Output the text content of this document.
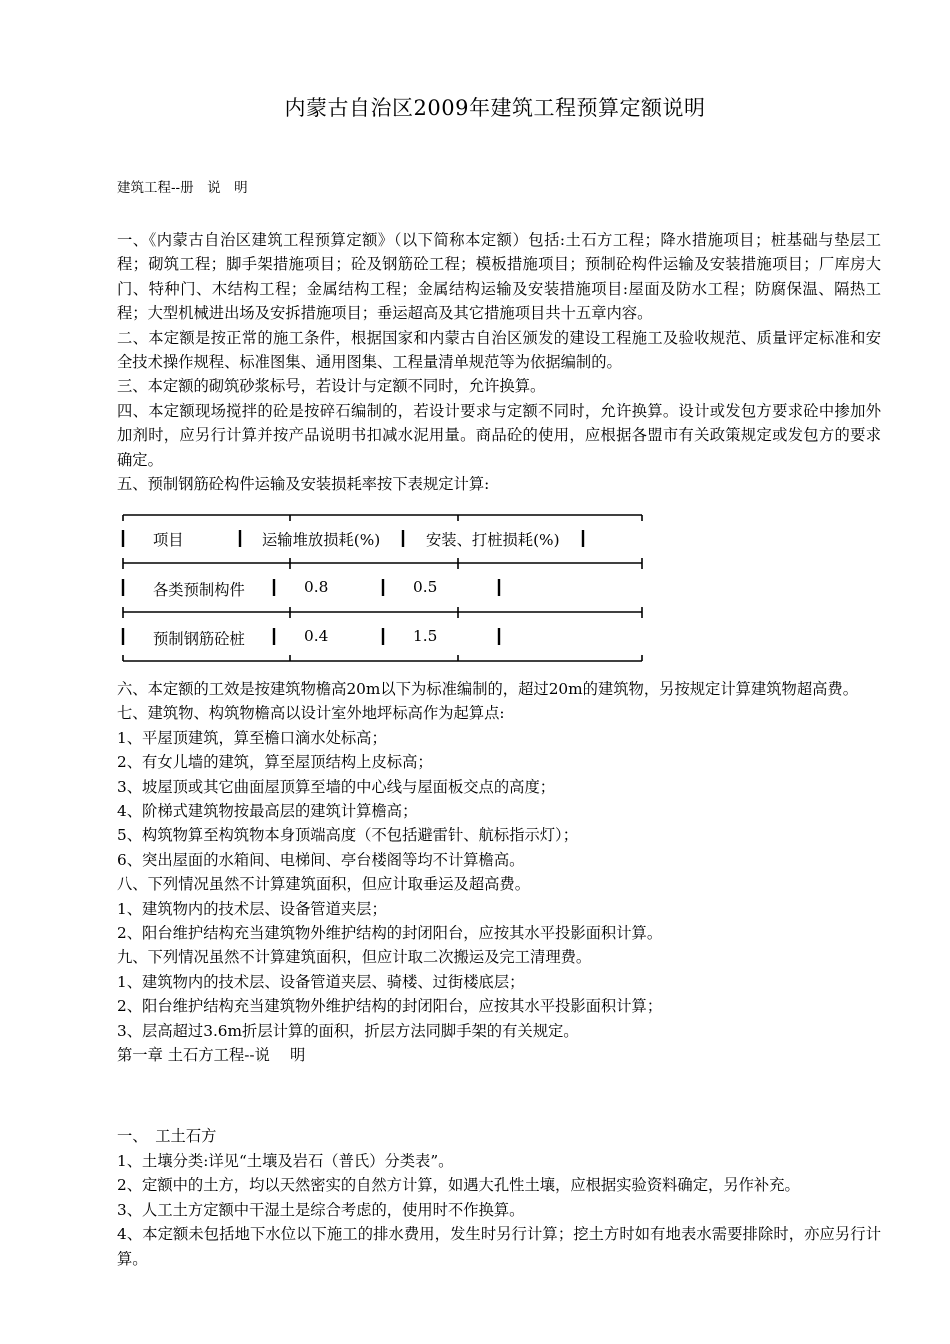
内蒙古自治区2009年建筑工程预算定额说明
建筑工程--册　说　明

一、《内蒙古自治区建筑工程预算定额》（以下简称本定额）包括:土石方工程；降水措施项目；桩基础与垫层工程；砌筑工程；脚手架措施项目；砼及钢筋砼工程；模板措施项目；预制砼构件运输及安装措施项目；厂库房大门、特种门、木结构工程；金属结构工程；金属结构运输及安装措施项目:屋面及防水工程；防腐保温、隔热工程；大型机械进出场及安拆措施项目；垂运超高及其它措施项目共十五章内容。

二、本定额是按正常的施工条件，根据国家和内蒙古自治区颁发的建设工程施工及验收规范、质量评定标准和安全技术操作规程、标准图集、通用图集、工程量清单规范等为依据编制的。

三、本定额的砌筑砂浆标号，若设计与定额不同时，允许换算。

四、本定额现场搅拌的砼是按碎石编制的，若设计要求与定额不同时，允许换算。设计或发包方要求砼中掺加外加剂时，应另行计算并按产品说明书扣减水泥用量。商品砼的使用，应根据各盟市有关政策规定或发包方的要求确定。

五、预制钢筋砼构件运输及安装损耗率按下表规定计算:

项目	运输堆放损耗(%)	安装、打桩损耗(%)
各类预制构件	0.8	0.5
预制钢筋砼桩	0.4	1.5

六、本定额的工效是按建筑物檐高20m以下为标准编制的，超过20m的建筑物，另按规定计算建筑物超高费。

七、建筑物、构筑物檐高以设计室外地坪标高作为起算点:

1、平屋顶建筑，算至檐口滴水处标高；

2、有女儿墙的建筑，算至屋顶结构上皮标高；

3、坡屋顶或其它曲面屋顶算至墙的中心线与屋面板交点的高度；

4、阶梯式建筑物按最高层的建筑计算檐高；

5、构筑物算至构筑物本身顶端高度（不包括避雷针、航标指示灯）；

6、突出屋面的水箱间、电梯间、亭台楼阁等均不计算檐高。

八、下列情况虽然不计算建筑面积，但应计取垂运及超高费。

1、建筑物内的技术层、设备管道夹层；

2、阳台维护结构充当建筑物外维护结构的封闭阳台，应按其水平投影面积计算。

九、下列情况虽然不计算建筑面积，但应计取二次搬运及完工清理费。

1、建筑物内的技术层、设备管道夹层、骑楼、过街楼底层；

2、阳台维护结构充当建筑物外维护结构的封闭阳台，应按其水平投影面积计算；

3、层高超过3.6m折层计算的面积，折层方法同脚手架的有关规定。

第一章 土石方工程--说　 明

一、　工土石方

1、土壤分类:详见“土壤及岩石（普氏）分类表”。

2、定额中的土方，均以天然密实的自然方计算，如遇大孔性土壤，应根据实验资料确定，另作补充。

3、人工土方定额中干湿土是综合考虑的，使用时不作换算。

4、本定额未包括地下水位以下施工的排水费用，发生时另行计算；挖土方时如有地表水需要排除时，亦应另行计算。
